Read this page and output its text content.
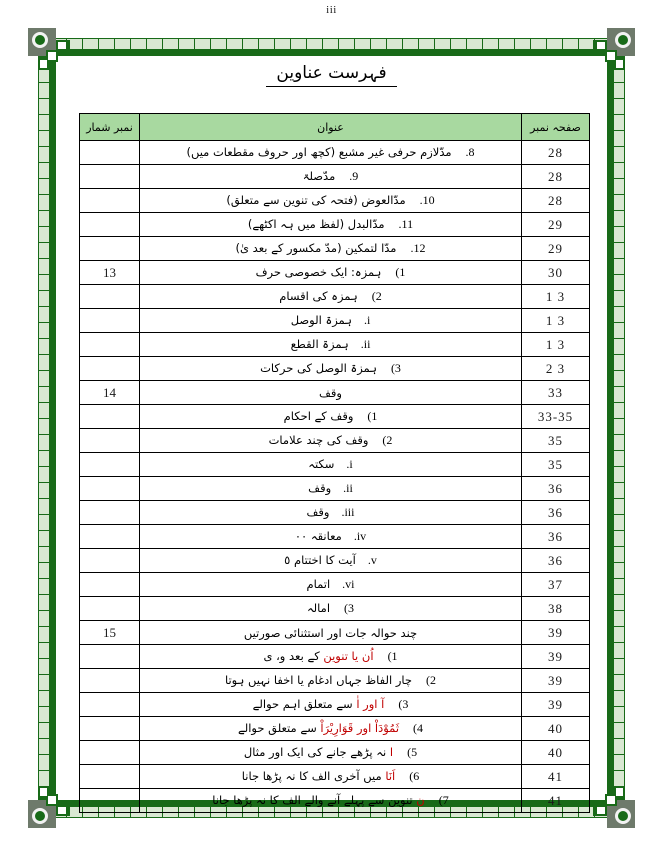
iii
فہرست عناوین
صفحہ نمبر	عنوان	نمبر شمار
28	.8مدّلازم حرفی غیر مشبع (کچھ اور حروف مقطعات میں)	
28	.9مدّصلۃ	
28	.10مدّالعوض (فتحہ کی تنوین سے متعلق)	
29	.11مدّالبدل (لفظ میں ہہ اکٹھے)	
29	.12مدّا لتمکین (مدّ مکسور کے بعد یٰ)	
30	(1ہمزہ: ایک خصوصی حرف	13
3 1	(2ہمزہ کی اقسام	
3 1	.iہمزۃ الوصل	
3 1	.iiہمزۃ القطع	
3 2	(3ہمزۃ الوصل کی حرکات	
33	وقف	14
33-35	(1وقف کے احکام	
35	(2وقف کی چند علامات	
35	.iسکتہ	
36	.iiوقف	
36	.iiiوقف	
36	.ivمعانقہ ۰۰	
36	.vآیت کا اختتام ٥	
37	.viاتمام	
38	(3امالہ	
39	چند حوالہ جات اور استثنائی صورتیں	15
39	(1اُن یا تنوین کے بعد و، ی	
39	(2چار الفاظ جہاں ادغام یا اخفا نہیں ہوتا	
39	(3آ اور اٰ سے متعلق اہم حوالے	
40	(4ثَمُوْدَاْ اور قَوَارِيْرَاْ سے متعلق حوالے	
40	(5ا نہ پڑھے جانے کی ایک اور مثال	
41	(6اَنَا میں آخری الف کا نہ پڑھا جانا	
41	(7ن تنوین سے پہلے آنے والے الف کا نہ پڑھا جانا	
